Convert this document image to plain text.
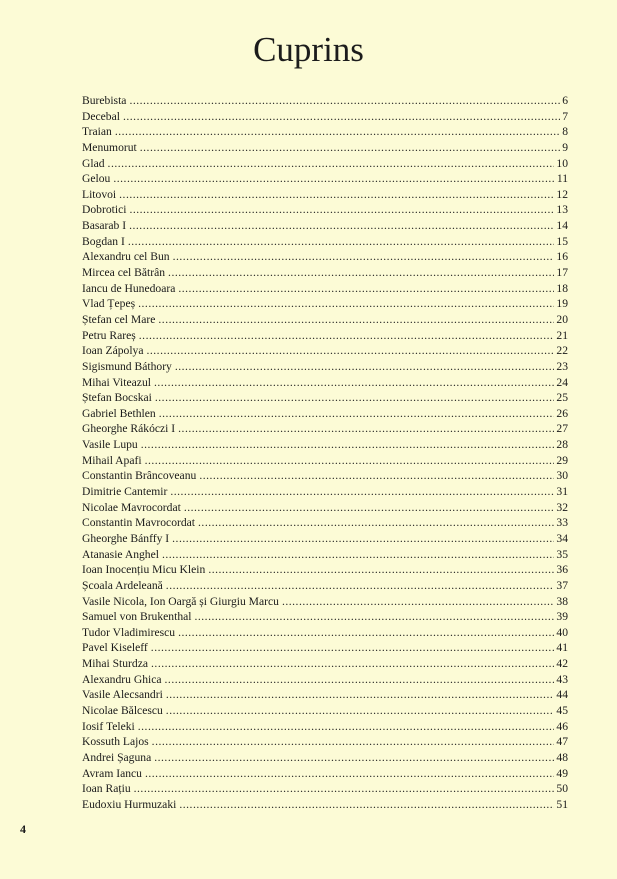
Cuprins
Burebista .....	6
Decebal .....	7
Traian .....	8
Menumorut .....	9
Glad .....	10
Gelou .....	11
Litovoi .....	12
Dobrotici .....	13
Basarab I .....	14
Bogdan I .....	15
Alexandru cel Bun .....	16
Mircea cel Bătrân .....	17
Iancu de Hunedoara .....	18
Vlad Țepeș .....	19
Ștefan cel Mare .....	20
Petru Rareș .....	21
Ioan Zápolya .....	22
Sigismund Báthory .....	23
Mihai Viteazul .....	24
Ștefan Bocskai .....	25
Gabriel Bethlen .....	26
Gheorghe Rákóczi I .....	27
Vasile Lupu .....	28
Mihail Apafi .....	29
Constantin Brâncoveanu .....	30
Dimitrie Cantemir .....	31
Nicolae Mavrocordat .....	32
Constantin Mavrocordat .....	33
Gheorghe Bánffy I .....	34
Atanasie Anghel .....	35
Ioan Inocențiu Micu Klein .....	36
Școala Ardeleană .....	37
Vasile Nicola, Ion Oargă și Giurgiu Marcu .....	38
Samuel von Brukenthal .....	39
Tudor Vladimirescu .....	40
Pavel Kiseleff .....	41
Mihai Sturdza .....	42
Alexandru Ghica .....	43
Vasile Alecsandri .....	44
Nicolae Bălcescu .....	45
Iosif Teleki .....	46
Kossuth Lajos .....	47
Andrei Șaguna .....	48
Avram Iancu .....	49
Ioan Rațiu .....	50
Eudoxiu Hurmuzaki .....	51
4
